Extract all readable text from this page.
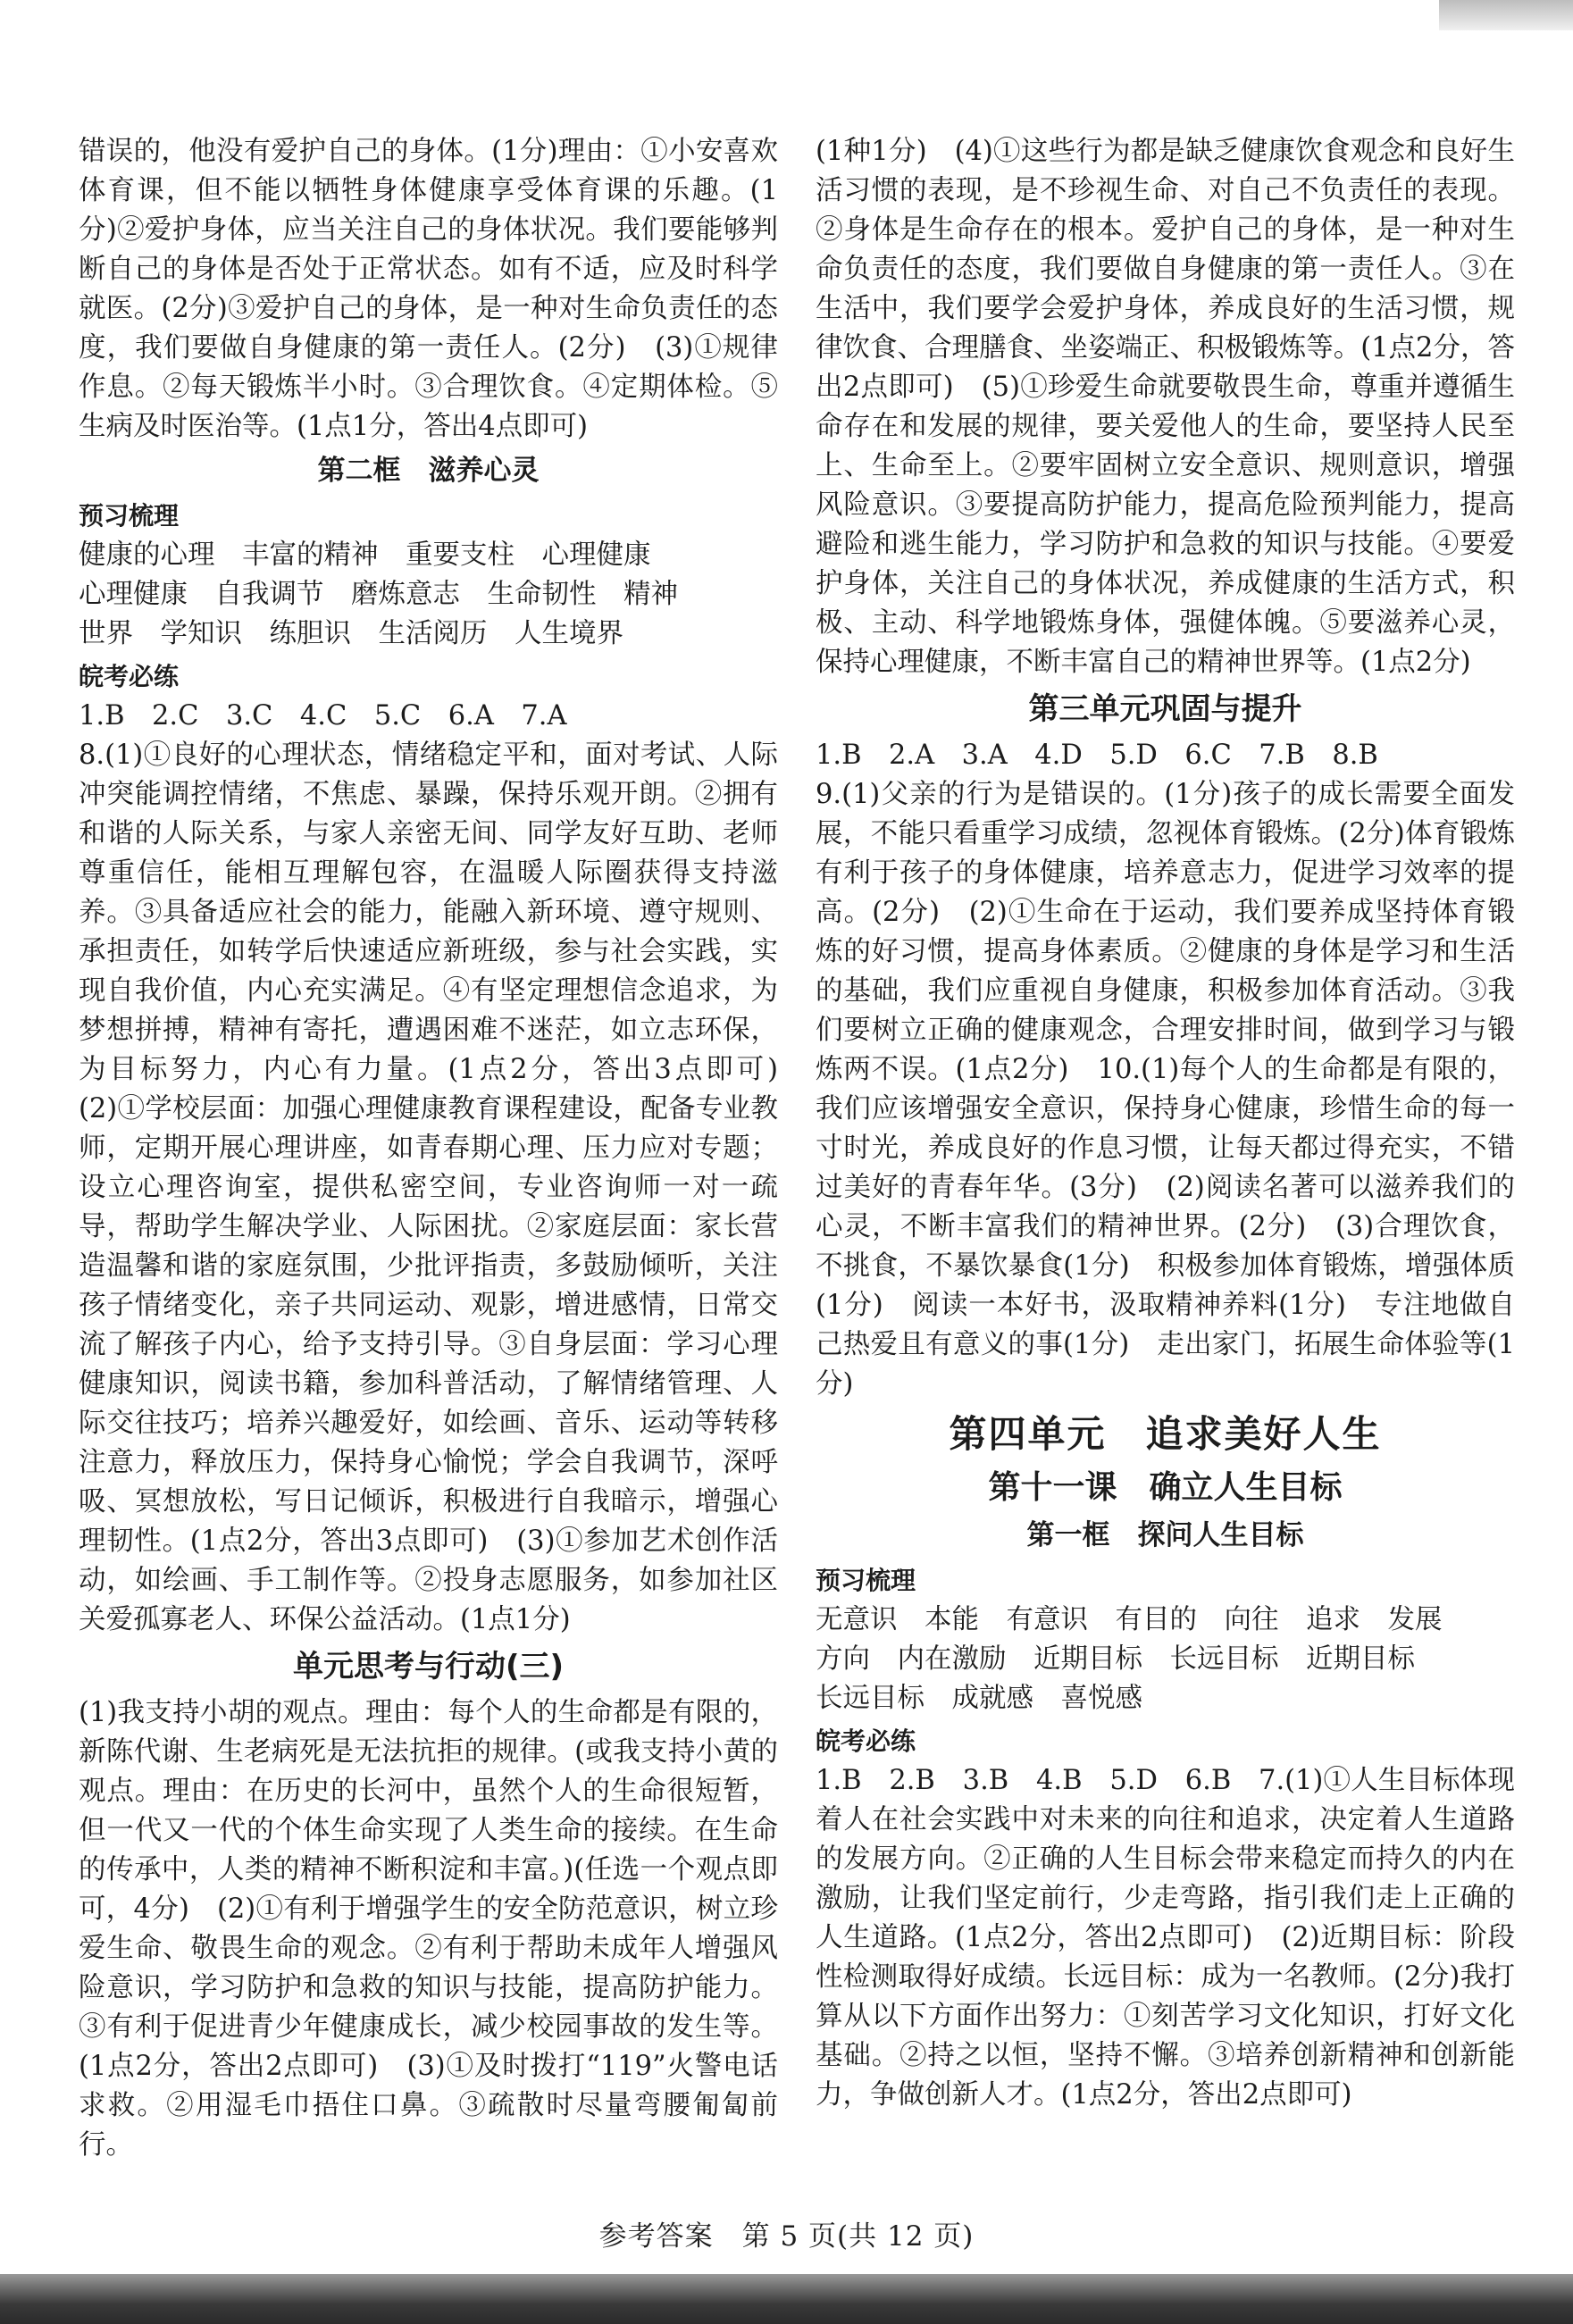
错误的，他没有爱护自己的身体。(1分)理由：①小安喜欢体育课，但不能以牺牲身体健康享受体育课的乐趣。(1分)②爱护身体，应当关注自己的身体状况。我们要能够判断自己的身体是否处于正常状态。如有不适，应及时科学就医。(2分)③爱护自己的身体，是一种对生命负责任的态度，我们要做自身健康的第一责任人。(2分)　(3)①规律作息。②每天锻炼半小时。③合理饮食。④定期体检。⑤生病及时医治等。(1点1分，答出4点即可)

第二框　滋养心灵
预习梳理

健康的心理　丰富的精神　重要支柱　心理健康
心理健康　自我调节　磨炼意志　生命韧性　精神
世界　学知识　练胆识　生活阅历　人生境界

皖考必练

1.B　2.C　3.C　4.C　5.C　6.A　7.A

8.(1)①良好的心理状态，情绪稳定平和，面对考试、人际冲突能调控情绪，不焦虑、暴躁，保持乐观开朗。②拥有和谐的人际关系，与家人亲密无间、同学友好互助、老师尊重信任，能相互理解包容，在温暖人际圈获得支持滋养。③具备适应社会的能力，能融入新环境、遵守规则、承担责任，如转学后快速适应新班级，参与社会实践，实现自我价值，内心充实满足。④有坚定理想信念追求，为梦想拼搏，精神有寄托，遭遇困难不迷茫，如立志环保，为目标努力，内心有力量。(1点2分，答出3点即可)　(2)①学校层面：加强心理健康教育课程建设，配备专业教师，定期开展心理讲座，如青春期心理、压力应对专题；设立心理咨询室，提供私密空间，专业咨询师一对一疏导，帮助学生解决学业、人际困扰。②家庭层面：家长营造温馨和谐的家庭氛围，少批评指责，多鼓励倾听，关注孩子情绪变化，亲子共同运动、观影，增进感情，日常交流了解孩子内心，给予支持引导。③自身层面：学习心理健康知识，阅读书籍，参加科普活动，了解情绪管理、人际交往技巧；培养兴趣爱好，如绘画、音乐、运动等转移注意力，释放压力，保持身心愉悦；学会自我调节，深呼吸、冥想放松，写日记倾诉，积极进行自我暗示，增强心理韧性。(1点2分，答出3点即可)　(3)①参加艺术创作活动，如绘画、手工制作等。②投身志愿服务，如参加社区关爱孤寡老人、环保公益活动。(1点1分)

单元思考与行动(三)

(1)我支持小胡的观点。理由：每个人的生命都是有限的，新陈代谢、生老病死是无法抗拒的规律。(或我支持小黄的观点。理由：在历史的长河中，虽然个人的生命很短暂，但一代又一代的个体生命实现了人类生命的接续。在生命的传承中，人类的精神不断积淀和丰富。)(任选一个观点即可，4分)　(2)①有利于增强学生的安全防范意识，树立珍爱生命、敬畏生命的观念。②有利于帮助未成年人增强风险意识，学习防护和急救的知识与技能，提高防护能力。③有利于促进青少年健康成长，减少校园事故的发生等。(1点2分，答出2点即可)　(3)①及时拨打“119”火警电话求救。②用湿毛巾捂住口鼻。③疏散时尽量弯腰匍匐前行。

(1种1分)　(4)①这些行为都是缺乏健康饮食观念和良好生活习惯的表现，是不珍视生命、对自己不负责任的表现。②身体是生命存在的根本。爱护自己的身体，是一种对生命负责任的态度，我们要做自身健康的第一责任人。③在生活中，我们要学会爱护身体，养成良好的生活习惯，规律饮食、合理膳食、坐姿端正、积极锻炼等。(1点2分，答出2点即可)　(5)①珍爱生命就要敬畏生命，尊重并遵循生命存在和发展的规律，要关爱他人的生命，要坚持人民至上、生命至上。②要牢固树立安全意识、规则意识，增强风险意识。③要提高防护能力，提高危险预判能力，提高避险和逃生能力，学习防护和急救的知识与技能。④要爱护身体，关注自己的身体状况，养成健康的生活方式，积极、主动、科学地锻炼身体，强健体魄。⑤要滋养心灵，保持心理健康，不断丰富自己的精神世界等。(1点2分)

第三单元巩固与提升

1.B　2.A　3.A　4.D　5.D　6.C　7.B　8.B

9.(1)父亲的行为是错误的。(1分)孩子的成长需要全面发展，不能只看重学习成绩，忽视体育锻炼。(2分)体育锻炼有利于孩子的身体健康，培养意志力，促进学习效率的提高。(2分)　(2)①生命在于运动，我们要养成坚持体育锻炼的好习惯，提高身体素质。②健康的身体是学习和生活的基础，我们应重视自身健康，积极参加体育活动。③我们要树立正确的健康观念，合理安排时间，做到学习与锻炼两不误。(1点2分)　10.(1)每个人的生命都是有限的，我们应该增强安全意识，保持身心健康，珍惜生命的每一寸时光，养成良好的作息习惯，让每天都过得充实，不错过美好的青春年华。(3分)　(2)阅读名著可以滋养我们的心灵，不断丰富我们的精神世界。(2分)　(3)合理饮食，不挑食，不暴饮暴食(1分)　积极参加体育锻炼，增强体质(1分)　阅读一本好书，汲取精神养料(1分)　专注地做自己热爱且有意义的事(1分)　走出家门，拓展生命体验等(1分)

第四单元　追求美好人生
第十一课　确立人生目标
第一框　探问人生目标
预习梳理

无意识　本能　有意识　有目的　向往　追求　发展
方向　内在激励　近期目标　长远目标　近期目标
长远目标　成就感　喜悦感

皖考必练

1.B　2.B　3.B　4.B　5.D　6.B　7.(1)①人生目标体现着人在社会实践中对未来的向往和追求，决定着人生道路的发展方向。②正确的人生目标会带来稳定而持久的内在激励，让我们坚定前行，少走弯路，指引我们走上正确的人生道路。(1点2分，答出2点即可)　(2)近期目标：阶段性检测取得好成绩。长远目标：成为一名教师。(2分)我打算从以下方面作出努力：①刻苦学习文化知识，打好文化基础。②持之以恒，坚持不懈。③培养创新精神和创新能力，争做创新人才。(1点2分，答出2点即可)

参考答案　第 5 页(共 12 页)
